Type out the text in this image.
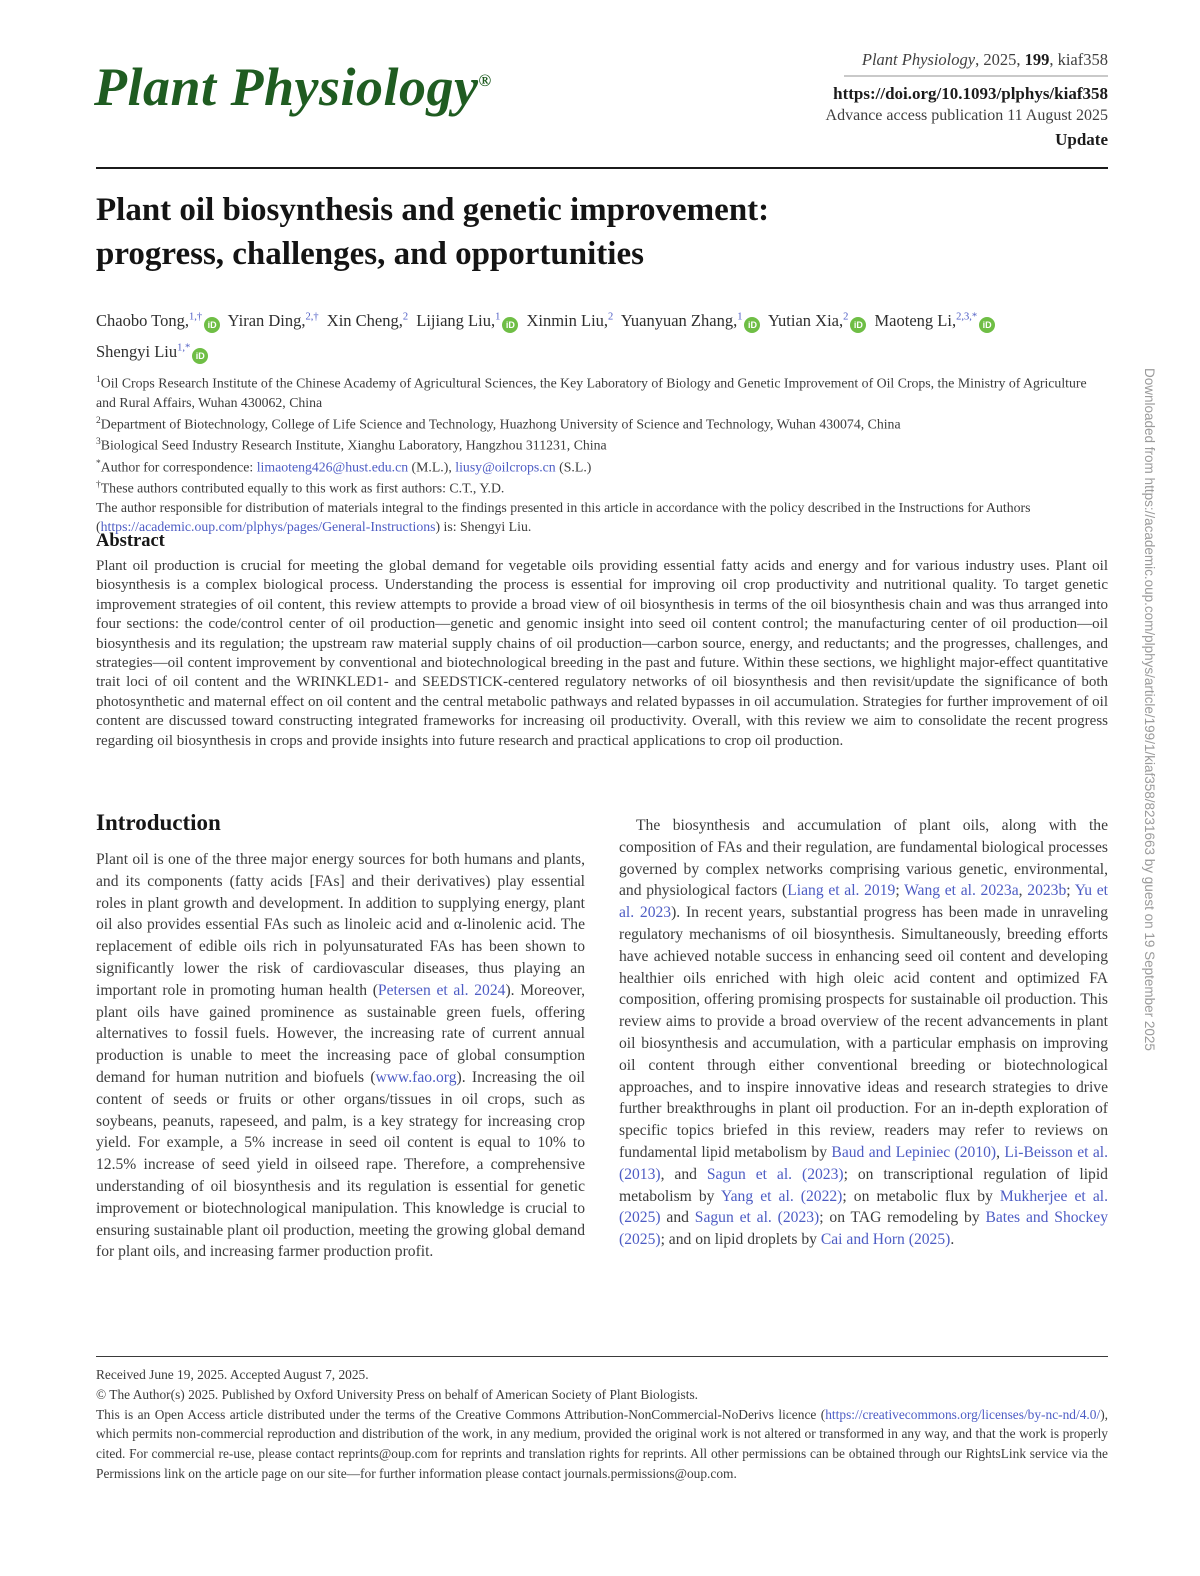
Plant Physiology®
Plant Physiology, 2025, 199, kiaf358
https://doi.org/10.1093/plphys/kiaf358
Advance access publication 11 August 2025
Update
Plant oil biosynthesis and genetic improvement:
progress, challenges, and opportunities
Chaobo Tong,$^{1,\dagger}$iD Yiran Ding,$^{2,\dagger}$ Xin Cheng,$^2$ Lijiang Liu,$^1$iD Xinmin Liu,$^2$ Yuanyuan Zhang,$^1$iD Yutian Xia,$^2$iD Maoteng Li,$^{2,3,*}$iD
Shengyi Liu$^{1,*}$iD
$^1$Oil Crops Research Institute of the Chinese Academy of Agricultural Sciences, the Key Laboratory of Biology and Genetic Improvement of Oil Crops, the Ministry of Agriculture and Rural Affairs, Wuhan 430062, China
$^2$Department of Biotechnology, College of Life Science and Technology, Huazhong University of Science and Technology, Wuhan 430074, China
$^3$Biological Seed Industry Research Institute, Xianghu Laboratory, Hangzhou 311231, China
*Author for correspondence: limaoteng426@hust.edu.cn (M.L.), liusy@oilcrops.cn (S.L.)
†These authors contributed equally to this work as first authors: C.T., Y.D.
The author responsible for distribution of materials integral to the findings presented in this article in accordance with the policy described in the Instructions for Authors (https://academic.oup.com/plphys/pages/General-Instructions) is: Shengyi Liu.
Abstract

Plant oil production is crucial for meeting the global demand for vegetable oils providing essential fatty acids and energy and for various industry uses. Plant oil biosynthesis is a complex biological process. Understanding the process is essential for improving oil crop productivity and nutritional quality. To target genetic improvement strategies of oil content, this review attempts to provide a broad view of oil biosynthesis in terms of the oil biosynthesis chain and was thus arranged into four sections: the code/control center of oil production—genetic and genomic insight into seed oil content control; the manufacturing center of oil production—oil biosynthesis and its regulation; the upstream raw material supply chains of oil production—carbon source, energy, and reductants; and the progresses, challenges, and strategies—oil content improvement by conventional and biotechnological breeding in the past and future. Within these sections, we highlight major-effect quantitative trait loci of oil content and the WRINKLED1- and SEEDSTICK-centered regulatory networks of oil biosynthesis and then revisit/update the significance of both photosynthetic and maternal effect on oil content and the central metabolic pathways and related bypasses in oil accumulation. Strategies for further improvement of oil content are discussed toward constructing integrated frameworks for increasing oil productivity. Overall, with this review we aim to consolidate the recent progress regarding oil biosynthesis in crops and provide insights into future research and practical applications to crop oil production.

Introduction

Plant oil is one of the three major energy sources for both humans and plants, and its components (fatty acids [FAs] and their derivatives) play essential roles in plant growth and development. In addition to supplying energy, plant oil also provides essential FAs such as linoleic acid and α-linolenic acid. The replacement of edible oils rich in polyunsaturated FAs has been shown to significantly lower the risk of cardiovascular diseases, thus playing an important role in promoting human health (Petersen et al. 2024). Moreover, plant oils have gained prominence as sustainable green fuels, offering alternatives to fossil fuels. However, the increasing rate of current annual production is unable to meet the increasing pace of global consumption demand for human nutrition and biofuels (www.fao.org). Increasing the oil content of seeds or fruits or other organs/tissues in oil crops, such as soybeans, peanuts, rapeseed, and palm, is a key strategy for increasing crop yield. For example, a 5% increase in seed oil content is equal to 10% to 12.5% increase of seed yield in oilseed rape. Therefore, a comprehensive understanding of oil biosynthesis and its regulation is essential for genetic improvement or biotechnological manipulation. This knowledge is crucial to ensuring sustainable plant oil production, meeting the growing global demand for plant oils, and increasing farmer production profit.

The biosynthesis and accumulation of plant oils, along with the composition of FAs and their regulation, are fundamental biological processes governed by complex networks comprising various genetic, environmental, and physiological factors (Liang et al. 2019; Wang et al. 2023a, 2023b; Yu et al. 2023). In recent years, substantial progress has been made in unraveling regulatory mechanisms of oil biosynthesis. Simultaneously, breeding efforts have achieved notable success in enhancing seed oil content and developing healthier oils enriched with high oleic acid content and optimized FA composition, offering promising prospects for sustainable oil production. This review aims to provide a broad overview of the recent advancements in plant oil biosynthesis and accumulation, with a particular emphasis on improving oil content through either conventional breeding or biotechnological approaches, and to inspire innovative ideas and research strategies to drive further breakthroughs in plant oil production. For an in-depth exploration of specific topics briefed in this review, readers may refer to reviews on fundamental lipid metabolism by Baud and Lepiniec (2010), Li-Beisson et al. (2013), and Sagun et al. (2023); on transcriptional regulation of lipid metabolism by Yang et al. (2022); on metabolic flux by Mukherjee et al. (2025) and Sagun et al. (2023); on TAG remodeling by Bates and Shockey (2025); and on lipid droplets by Cai and Horn (2025).

Received June 19, 2025. Accepted August 7, 2025.

© The Author(s) 2025. Published by Oxford University Press on behalf of American Society of Plant Biologists.

This is an Open Access article distributed under the terms of the Creative Commons Attribution-NonCommercial-NoDerivs licence (https://creativecommons.org/licenses/by-nc-nd/4.0/), which permits non-commercial reproduction and distribution of the work, in any medium, provided the original work is not altered or transformed in any way, and that the work is properly cited. For commercial re-use, please contact reprints@oup.com for reprints and translation rights for reprints. All other permissions can be obtained through our RightsLink service via the Permissions link on the article page on our site—for further information please contact journals.permissions@oup.com.

Downloaded from https://academic.oup.com/plphys/article/199/1/kiaf358/8231663 by guest on 19 September 2025
